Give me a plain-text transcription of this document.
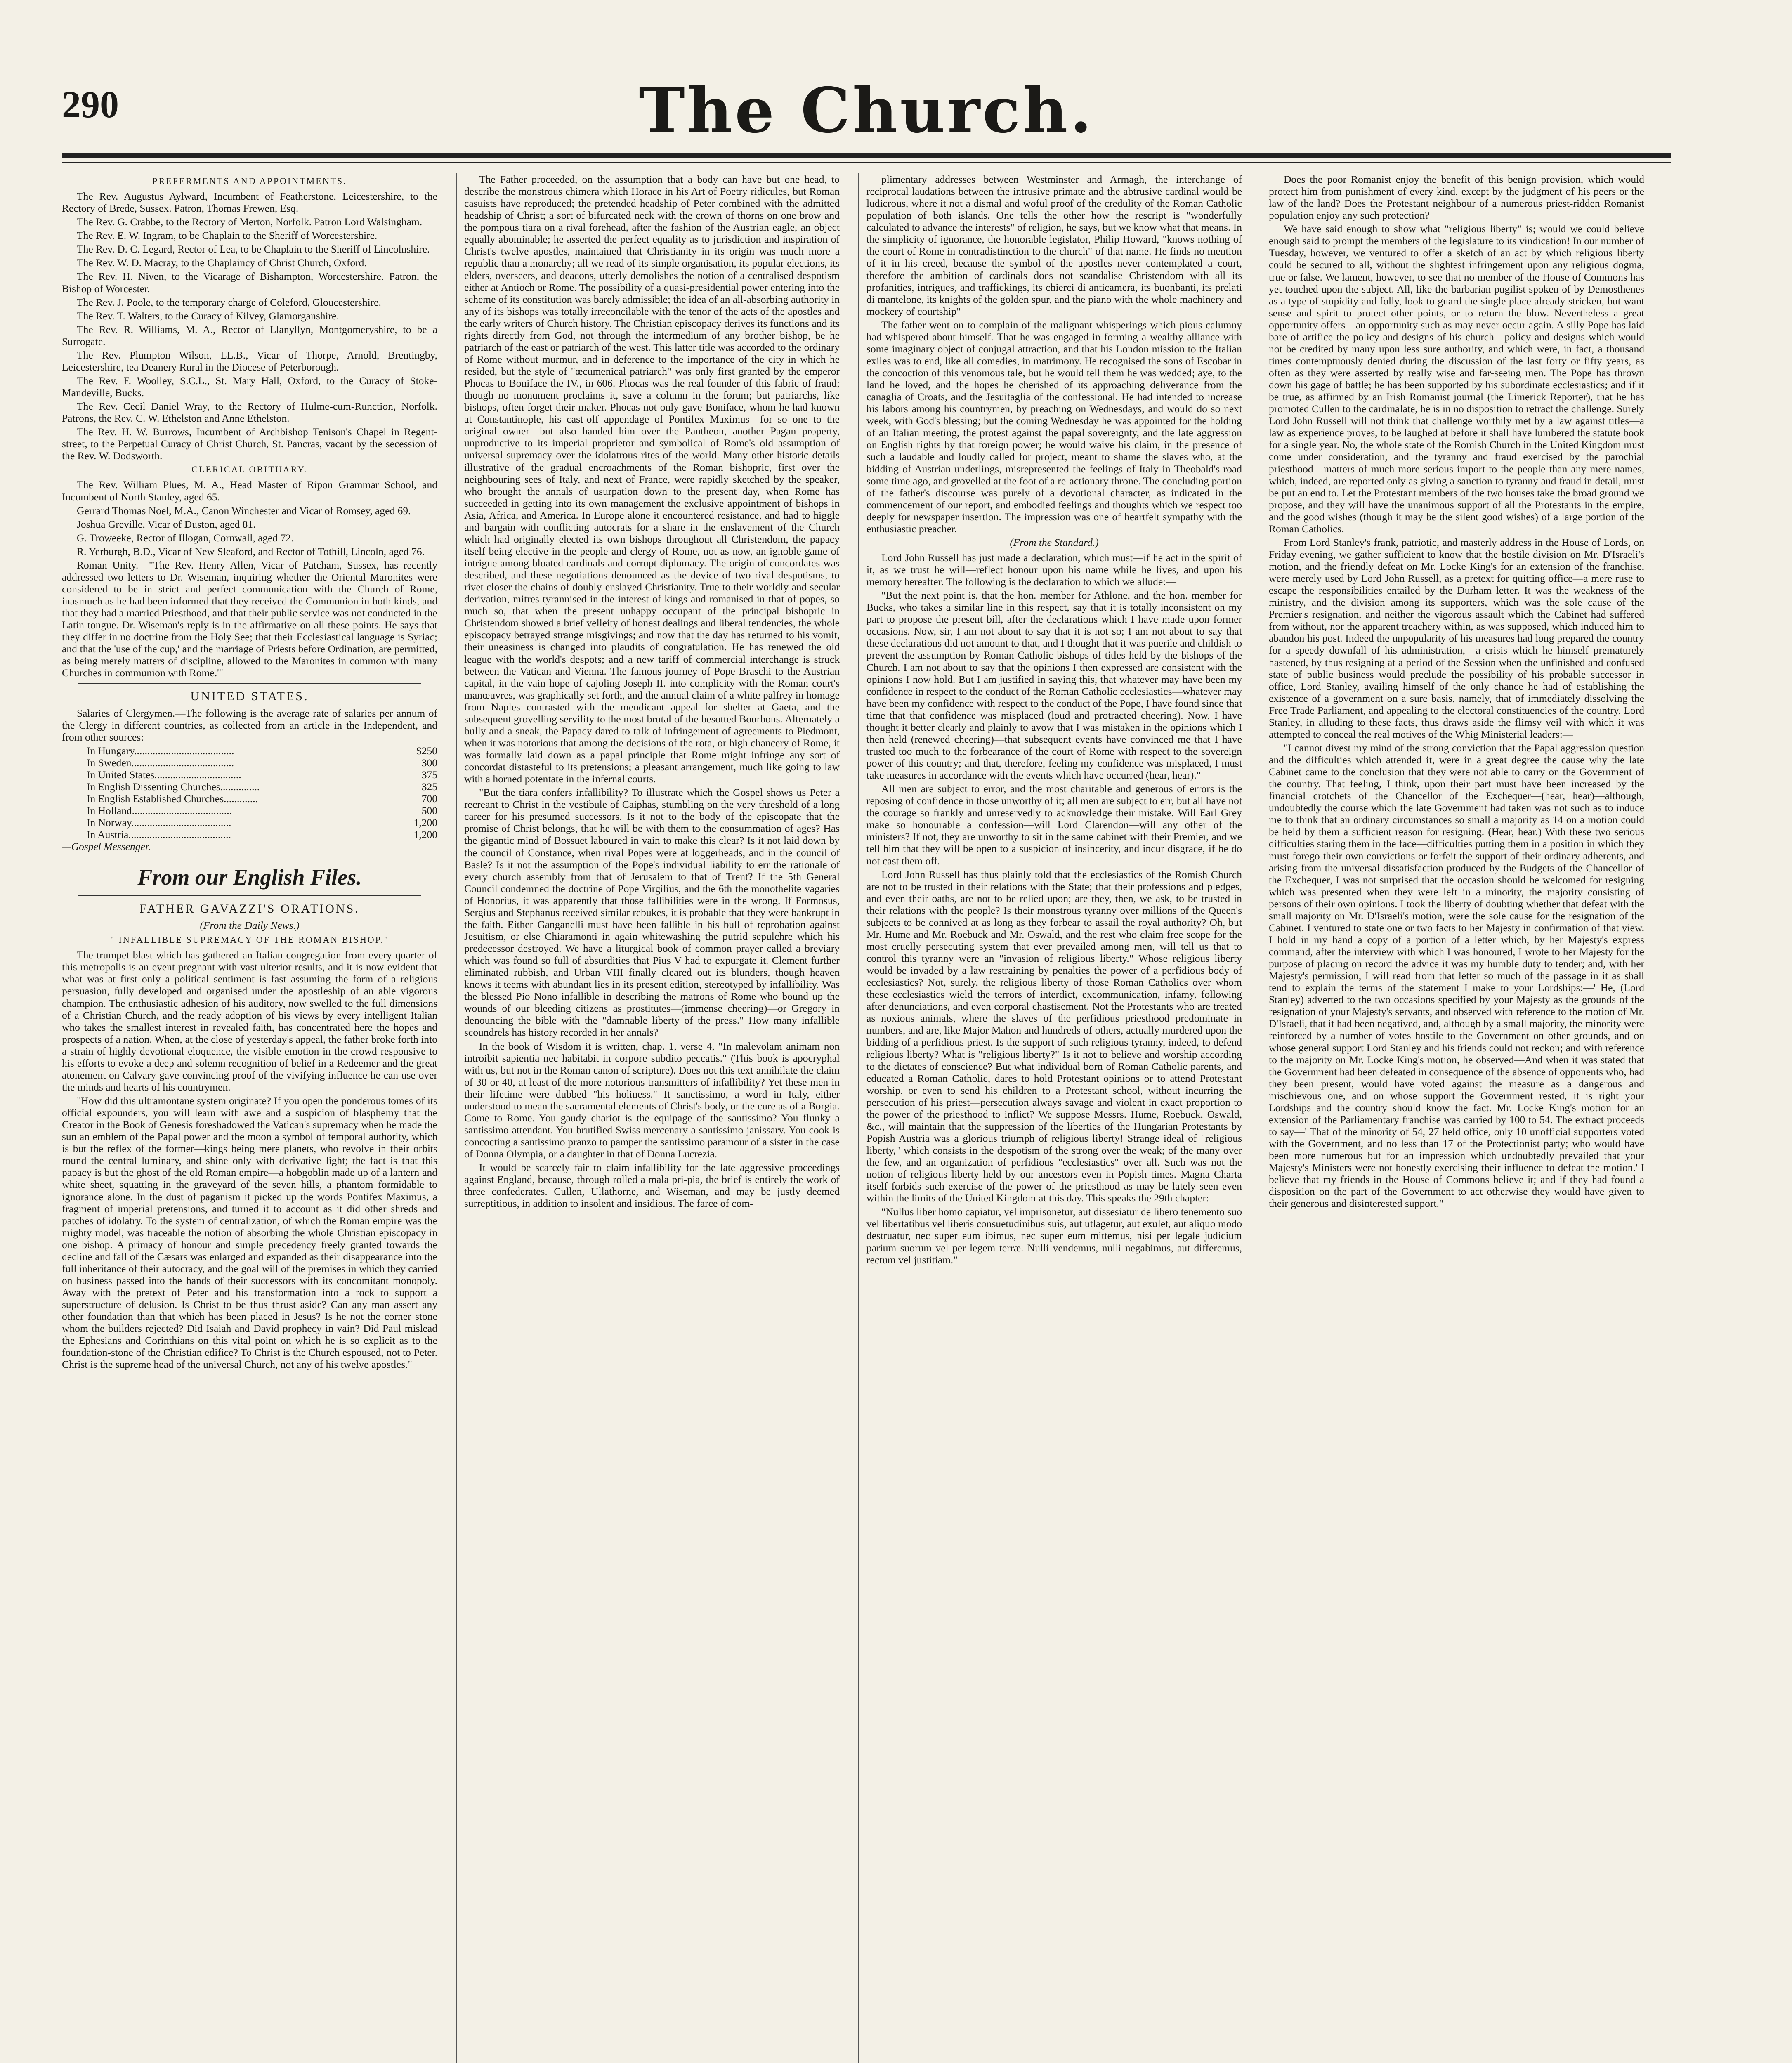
290	The Church.
PREFERMENTS AND APPOINTMENTS.

The Rev. Augustus Aylward, Incumbent of Featherstone, Leicestershire, to the Rectory of Brede, Sussex. Patron, Thomas Frewen, Esq.

The Rev. G. Crabbe, to the Rectory of Merton, Norfolk. Patron Lord Walsingham.

The Rev. E. W. Ingram, to be Chaplain to the Sheriff of Worcestershire.

The Rev. D. C. Legard, Rector of Lea, to be Chaplain to the Sheriff of Lincolnshire.

The Rev. W. D. Macray, to the Chaplaincy of Christ Church, Oxford.

The Rev. H. Niven, to the Vicarage of Bishampton, Worcestershire. Patron, the Bishop of Worcester.

The Rev. J. Poole, to the temporary charge of Coleford, Gloucestershire.

The Rev. T. Walters, to the Curacy of Kilvey, Glamorganshire.

The Rev. R. Williams, M. A., Rector of Llanyllyn, Montgomeryshire, to be a Surrogate.

The Rev. Plumpton Wilson, LL.B., Vicar of Thorpe, Arnold, Brentingby, Leicestershire, tea Deanery Rural in the Diocese of Peterborough.

The Rev. F. Woolley, S.C.L., St. Mary Hall, Oxford, to the Curacy of Stoke-Mandeville, Bucks.

The Rev. Cecil Daniel Wray, to the Rectory of Hulme-cum-Runction, Norfolk. Patrons, the Rev. C. W. Ethelston and Anne Ethelston.

The Rev. H. W. Burrows, Incumbent of Archbishop Tenison's Chapel in Regent-street, to the Perpetual Curacy of Christ Church, St. Pancras, vacant by the secession of the Rev. W. Dodsworth.

CLERICAL OBITUARY.

The Rev. William Plues, M. A., Head Master of Ripon Grammar School, and Incumbent of North Stanley, aged 65.

Gerrard Thomas Noel, M.A., Canon Winchester and Vicar of Romsey, aged 69.

Joshua Greville, Vicar of Duston, aged 81.

G. Troweeke, Rector of Illogan, Cornwall, aged 72.

R. Yerburgh, B.D., Vicar of New Sleaford, and Rector of Tothill, Lincoln, aged 76.

Roman Unity.—"The Rev. Henry Allen, Vicar of Patcham, Sussex, has recently addressed two letters to Dr. Wiseman, inquiring whether the Oriental Maronites were considered to be in strict and perfect communication with the Church of Rome, inasmuch as he had been informed that they received the Communion in both kinds, and that they had a married Priesthood, and that their public service was not conducted in the Latin tongue. Dr. Wiseman's reply is in the affirmative on all these points. He says that they differ in no doctrine from the Holy See; that their Ecclesiastical language is Syriac; and that the 'use of the cup,' and the marriage of Priests before Ordination, are permitted, as being merely matters of discipline, allowed to the Maronites in common with 'many Churches in communion with Rome.'"

UNITED STATES.

Salaries of Clergymen.—The following is the average rate of salaries per annum of the Clergy in different countries, as collected from an article in the Independent, and from other sources:

In Hungary......................................	$250
In Sweden.......................................	300
In United States.................................	375
In English Dissenting Churches...............	325
In English Established Churches.............	700
In Holland......................................	500
In Norway......................................	1,200
In Austria.......................................	1,200

—Gospel Messenger.

From our English Files.
FATHER GAVAZZI'S ORATIONS.
(From the Daily News.)
" INFALLIBLE SUPREMACY OF THE ROMAN BISHOP."

The trumpet blast which has gathered an Italian congregation from every quarter of this metropolis is an event pregnant with vast ulterior results, and it is now evident that what was at first only a political sentiment is fast assuming the form of a religious persuasion, fully developed and organised under the apostleship of an able vigorous champion. The enthusiastic adhesion of his auditory, now swelled to the full dimensions of a Christian Church, and the ready adoption of his views by every intelligent Italian who takes the smallest interest in revealed faith, has concentrated here the hopes and prospects of a nation. When, at the close of yesterday's appeal, the father broke forth into a strain of highly devotional eloquence, the visible emotion in the crowd responsive to his efforts to evoke a deep and solemn recognition of belief in a Redeemer and the great atonement on Calvary gave convincing proof of the vivifying influence he can use over the minds and hearts of his countrymen.

"How did this ultramontane system originate? If you open the ponderous tomes of its official expounders, you will learn with awe and a suspicion of blasphemy that the Creator in the Book of Genesis foreshadowed the Vatican's supremacy when he made the sun an emblem of the Papal power and the moon a symbol of temporal authority, which is but the reflex of the former—kings being mere planets, who revolve in their orbits round the central luminary, and shine only with derivative light; the fact is that this papacy is but the ghost of the old Roman empire—a hobgoblin made up of a lantern and white sheet, squatting in the graveyard of the seven hills, a phantom formidable to ignorance alone. In the dust of paganism it picked up the words Pontifex Maximus, a fragment of imperial pretensions, and turned it to account as it did other shreds and patches of idolatry. To the system of centralization, of which the Roman empire was the mighty model, was traceable the notion of absorbing the whole Christian episcopacy in one bishop. A primacy of honour and simple precedency freely granted towards the decline and fall of the Cæsars was enlarged and expanded as their disappearance into the full inheritance of their autocracy, and the goal will of the premises in which they carried on business passed into the hands of their successors with its concomitant monopoly. Away with the pretext of Peter and his transformation into a rock to support a superstructure of delusion. Is Christ to be thus thrust aside? Can any man assert any other foundation than that which has been placed in Jesus? Is he not the corner stone whom the builders rejected? Did Isaiah and David prophecy in vain? Did Paul mislead the Ephesians and Corinthians on this vital point on which he is so explicit as to the foundation-stone of the Christian edifice? To Christ is the Church espoused, not to Peter. Christ is the supreme head of the universal Church, not any of his twelve apostles."

The Father proceeded, on the assumption that a body can have but one head, to describe the monstrous chimera which Horace in his Art of Poetry ridicules, but Roman casuists have reproduced; the pretended headship of Peter combined with the admitted headship of Christ; a sort of bifurcated neck with the crown of thorns on one brow and the pompous tiara on a rival forehead, after the fashion of the Austrian eagle, an object equally abominable; he asserted the perfect equality as to jurisdiction and inspiration of Christ's twelve apostles, maintained that Christianity in its origin was much more a republic than a monarchy; all we read of its simple organisation, its popular elections, its elders, overseers, and deacons, utterly demolishes the notion of a centralised despotism either at Antioch or Rome. The possibility of a quasi-presidential power entering into the scheme of its constitution was barely admissible; the idea of an all-absorbing authority in any of its bishops was totally irreconcilable with the tenor of the acts of the apostles and the early writers of Church history. The Christian episcopacy derives its functions and its rights directly from God, not through the intermedium of any brother bishop, be he patriarch of the east or patriarch of the west. This latter title was accorded to the ordinary of Rome without murmur, and in deference to the importance of the city in which he resided, but the style of "œcumenical patriarch" was only first granted by the emperor Phocas to Boniface the IV., in 606. Phocas was the real founder of this fabric of fraud; though no monument proclaims it, save a column in the forum; but patriarchs, like bishops, often forget their maker. Phocas not only gave Boniface, whom he had known at Constantinople, his cast-off appendage of Pontifex Maximus—for so one to the original owner—but also handed him over the Pantheon, another Pagan property, unproductive to its imperial proprietor and symbolical of Rome's old assumption of universal supremacy over the idolatrous rites of the world. Many other historic details illustrative of the gradual encroachments of the Roman bishopric, first over the neighbouring sees of Italy, and next of France, were rapidly sketched by the speaker, who brought the annals of usurpation down to the present day, when Rome has succeeded in getting into its own management the exclusive appointment of bishops in Asia, Africa, and America. In Europe alone it encountered resistance, and had to higgle and bargain with conflicting autocrats for a share in the enslavement of the Church which had originally elected its own bishops throughout all Christendom, the papacy itself being elective in the people and clergy of Rome, not as now, an ignoble game of intrigue among bloated cardinals and corrupt diplomacy. The origin of concordates was described, and these negotiations denounced as the device of two rival despotisms, to rivet closer the chains of doubly-enslaved Christianity. True to their worldly and secular derivation, mitres tyrannised in the interest of kings and romanised in that of popes, so much so, that when the present unhappy occupant of the principal bishopric in Christendom showed a brief velleity of honest dealings and liberal tendencies, the whole episcopacy betrayed strange misgivings; and now that the day has returned to his vomit, their uneasiness is changed into plaudits of congratulation. He has renewed the old league with the world's despots; and a new tariff of commercial interchange is struck between the Vatican and Vienna. The famous journey of Pope Braschi to the Austrian capital, in the vain hope of cajoling Joseph II. into complicity with the Roman court's manœuvres, was graphically set forth, and the annual claim of a white palfrey in homage from Naples contrasted with the mendicant appeal for shelter at Gaeta, and the subsequent grovelling servility to the most brutal of the besotted Bourbons. Alternately a bully and a sneak, the Papacy dared to talk of infringement of agreements to Piedmont, when it was notorious that among the decisions of the rota, or high chancery of Rome, it was formally laid down as a papal principle that Rome might infringe any sort of concordat distasteful to its pretensions; a pleasant arrangement, much like going to law with a horned potentate in the infernal courts.

"But the tiara confers infallibility? To illustrate which the Gospel shows us Peter a recreant to Christ in the vestibule of Caiphas, stumbling on the very threshold of a long career for his presumed successors. Is it not to the body of the episcopate that the promise of Christ belongs, that he will be with them to the consummation of ages? Has the gigantic mind of Bossuet laboured in vain to make this clear? Is it not laid down by the council of Constance, when rival Popes were at loggerheads, and in the council of Basle? Is it not the assumption of the Pope's individual liability to err the rationale of every church assembly from that of Jerusalem to that of Trent? If the 5th General Council condemned the doctrine of Pope Virgilius, and the 6th the monothelite vagaries of Honorius, it was apparently that those fallibilities were in the wrong. If Formosus, Sergius and Stephanus received similar rebukes, it is probable that they were bankrupt in the faith. Either Ganganelli must have been fallible in his bull of reprobation against Jesuitism, or else Chiaramonti in again whitewashing the putrid sepulchre which his predecessor destroyed. We have a liturgical book of common prayer called a breviary which was found so full of absurdities that Pius V had to expurgate it. Clement further eliminated rubbish, and Urban VIII finally cleared out its blunders, though heaven knows it teems with abundant lies in its present edition, stereotyped by infallibility. Was the blessed Pio Nono infallible in describing the matrons of Rome who bound up the wounds of our bleeding citizens as prostitutes—(immense cheering)—or Gregory in denouncing the bible with the "damnable liberty of the press." How many infallible scoundrels has history recorded in her annals?

In the book of Wisdom it is written, chap. 1, verse 4, "In malevolam animam non introibit sapientia nec habitabit in corpore subdito peccatis." (This book is apocryphal with us, but not in the Roman canon of scripture). Does not this text annihilate the claim of 30 or 40, at least of the more notorious transmitters of infallibility? Yet these men in their lifetime were dubbed "his holiness." It sanctissimo, a word in Italy, either understood to mean the sacramental elements of Christ's body, or the cure as of a Borgia. Come to Rome. You gaudy chariot is the equipage of the santissimo? You flunky a santissimo attendant. You brutified Swiss mercenary a santissimo janissary. You cook is concocting a santissimo pranzo to pamper the santissimo paramour of a sister in the case of Donna Olympia, or a daughter in that of Donna Lucrezia.

It would be scarcely fair to claim infallibility for the late aggressive proceedings against England, because, through rolled a mala pri-pia, the brief is entirely the work of three confederates. Cullen, Ullathorne, and Wiseman, and may be justly deemed surreptitious, in addition to insolent and insidious. The farce of com-

plimentary addresses between Westminster and Armagh, the interchange of reciprocal laudations between the intrusive primate and the abtrusive cardinal would be ludicrous, where it not a dismal and woful proof of the credulity of the Roman Catholic population of both islands. One tells the other how the rescript is "wonderfully calculated to advance the interests" of religion, he says, but we know what that means. In the simplicity of ignorance, the honorable legislator, Philip Howard, "knows nothing of the court of Rome in contradistinction to the church" of that name. He finds no mention of it in his creed, because the symbol of the apostles never contemplated a court, therefore the ambition of cardinals does not scandalise Christendom with all its profanities, intrigues, and traffickings, its chierci di anticamera, its buonbanti, its prelati di mantelone, its knights of the golden spur, and the piano with the whole machinery and mockery of courtship"

The father went on to complain of the malignant whisperings which pious calumny had whispered about himself. That he was engaged in forming a wealthy alliance with some imaginary object of conjugal attraction, and that his London mission to the Italian exiles was to end, like all comedies, in matrimony. He recognised the sons of Escobar in the concoction of this venomous tale, but he would tell them he was wedded; aye, to the land he loved, and the hopes he cherished of its approaching deliverance from the canaglia of Croats, and the Jesuitaglia of the confessional. He had intended to increase his labors among his countrymen, by preaching on Wednesdays, and would do so next week, with God's blessing; but the coming Wednesday he was appointed for the holding of an Italian meeting, the protest against the papal sovereignty, and the late aggression on English rights by that foreign power; he would waive his claim, in the presence of such a laudable and loudly called for project, meant to shame the slaves who, at the bidding of Austrian underlings, misrepresented the feelings of Italy in Theobald's-road some time ago, and grovelled at the foot of a re-actionary throne. The concluding portion of the father's discourse was purely of a devotional character, as indicated in the commencement of our report, and embodied feelings and thoughts which we respect too deeply for newspaper insertion. The impression was one of heartfelt sympathy with the enthusiastic preacher.

(From the Standard.)

Lord John Russell has just made a declaration, which must—if he act in the spirit of it, as we trust he will—reflect honour upon his name while he lives, and upon his memory hereafter. The following is the declaration to which we allude:—

"But the next point is, that the hon. member for Athlone, and the hon. member for Bucks, who takes a similar line in this respect, say that it is totally inconsistent on my part to propose the present bill, after the declarations which I have made upon former occasions. Now, sir, I am not about to say that it is not so; I am not about to say that these declarations did not amount to that, and I thought that it was puerile and childish to prevent the assumption by Roman Catholic bishops of titles held by the bishops of the Church. I am not about to say that the opinions I then expressed are consistent with the opinions I now hold. But I am justified in saying this, that whatever may have been my confidence in respect to the conduct of the Roman Catholic ecclesiastics—whatever may have been my confidence with respect to the conduct of the Pope, I have found since that time that that confidence was misplaced (loud and protracted cheering). Now, I have thought it better clearly and plainly to avow that I was mistaken in the opinions which I then held (renewed cheering)—that subsequent events have convinced me that I have trusted too much to the forbearance of the court of Rome with respect to the sovereign power of this country; and that, therefore, feeling my confidence was misplaced, I must take measures in accordance with the events which have occurred (hear, hear)."

All men are subject to error, and the most charitable and generous of errors is the reposing of confidence in those unworthy of it; all men are subject to err, but all have not the courage so frankly and unreservedly to acknowledge their mistake. Will Earl Grey make so honourable a confession—will Lord Clarendon—will any other of the ministers? If not, they are unworthy to sit in the same cabinet with their Premier, and we tell him that they will be open to a suspicion of insincerity, and incur disgrace, if he do not cast them off.

Lord John Russell has thus plainly told that the ecclesiastics of the Romish Church are not to be trusted in their relations with the State; that their professions and pledges, and even their oaths, are not to be relied upon; are they, then, we ask, to be trusted in their relations with the people? Is their monstrous tyranny over millions of the Queen's subjects to be connived at as long as they forbear to assail the royal authority? Oh, but Mr. Hume and Mr. Roebuck and Mr. Oswald, and the rest who claim free scope for the most cruelly persecuting system that ever prevailed among men, will tell us that to control this tyranny were an "invasion of religious liberty." Whose religious liberty would be invaded by a law restraining by penalties the power of a perfidious body of ecclesiastics? Not, surely, the religious liberty of those Roman Catholics over whom these ecclesiastics wield the terrors of interdict, excommunication, infamy, following after denunciations, and even corporal chastisement. Not the Protestants who are treated as noxious animals, where the slaves of the perfidious priesthood predominate in numbers, and are, like Major Mahon and hundreds of others, actually murdered upon the bidding of a perfidious priest. Is the support of such religious tyranny, indeed, to defend religious liberty? What is "religious liberty?" Is it not to believe and worship according to the dictates of conscience? But what individual born of Roman Catholic parents, and educated a Roman Catholic, dares to hold Protestant opinions or to attend Protestant worship, or even to send his children to a Protestant school, without incurring the persecution of his priest—persecution always savage and violent in exact proportion to the power of the priesthood to inflict? We suppose Messrs. Hume, Roebuck, Oswald, &c., will maintain that the suppression of the liberties of the Hungarian Protestants by Popish Austria was a glorious triumph of religious liberty! Strange ideal of "religious liberty," which consists in the despotism of the strong over the weak; of the many over the few, and an organization of perfidious "ecclesiastics" over all. Such was not the notion of religious liberty held by our ancestors even in Popish times. Magna Charta itself forbids such exercise of the power of the priesthood as may be lately seen even within the limits of the United Kingdom at this day. This speaks the 29th chapter:—

"Nullus liber homo capiatur, vel imprisonetur, aut dissesiatur de libero tenemento suo vel libertatibus vel liberis consuetudinibus suis, aut utlagetur, aut exulet, aut aliquo modo destruatur, nec super eum ibimus, nec super eum mittemus, nisi per legale judicium parium suorum vel per legem terræ. Nulli vendemus, nulli negabimus, aut differemus, rectum vel justitiam."

Does the poor Romanist enjoy the benefit of this benign provision, which would protect him from punishment of every kind, except by the judgment of his peers or the law of the land? Does the Protestant neighbour of a numerous priest-ridden Romanist population enjoy any such protection?

We have said enough to show what "religious liberty" is; would we could believe enough said to prompt the members of the legislature to its vindication! In our number of Tuesday, however, we ventured to offer a sketch of an act by which religious liberty could be secured to all, without the slightest infringement upon any religious dogma, true or false. We lament, however, to see that no member of the House of Commons has yet touched upon the subject. All, like the barbarian pugilist spoken of by Demosthenes as a type of stupidity and folly, look to guard the single place already stricken, but want sense and spirit to protect other points, or to return the blow. Nevertheless a great opportunity offers—an opportunity such as may never occur again. A silly Pope has laid bare of artifice the policy and designs of his church—policy and designs which would not be credited by many upon less sure authority, and which were, in fact, a thousand times contemptuously denied during the discussion of the last forty or fifty years, as often as they were asserted by really wise and far-seeing men. The Pope has thrown down his gage of battle; he has been supported by his subordinate ecclesiastics; and if it be true, as affirmed by an Irish Romanist journal (the Limerick Reporter), that he has promoted Cullen to the cardinalate, he is in no disposition to retract the challenge. Surely Lord John Russell will not think that challenge worthily met by a law against titles—a law as experience proves, to be laughed at before it shall have lumbered the statute book for a single year. No, the whole state of the Romish Church in the United Kingdom must come under consideration, and the tyranny and fraud exercised by the parochial priesthood—matters of much more serious import to the people than any mere names, which, indeed, are reported only as giving a sanction to tyranny and fraud in detail, must be put an end to. Let the Protestant members of the two houses take the broad ground we propose, and they will have the unanimous support of all the Protestants in the empire, and the good wishes (though it may be the silent good wishes) of a large portion of the Roman Catholics.

From Lord Stanley's frank, patriotic, and masterly address in the House of Lords, on Friday evening, we gather sufficient to know that the hostile division on Mr. D'Israeli's motion, and the friendly defeat on Mr. Locke King's for an extension of the franchise, were merely used by Lord John Russell, as a pretext for quitting office—a mere ruse to escape the responsibilities entailed by the Durham letter. It was the weakness of the ministry, and the division among its supporters, which was the sole cause of the Premier's resignation, and neither the vigorous assault which the Cabinet had suffered from without, nor the apparent treachery within, as was supposed, which induced him to abandon his post. Indeed the unpopularity of his measures had long prepared the country for a speedy downfall of his administration,—a crisis which he himself prematurely hastened, by thus resigning at a period of the Session when the unfinished and confused state of public business would preclude the possibility of his probable successor in office, Lord Stanley, availing himself of the only chance he had of establishing the existence of a government on a sure basis, namely, that of immediately dissolving the Free Trade Parliament, and appealing to the electoral constituencies of the country. Lord Stanley, in alluding to these facts, thus draws aside the flimsy veil with which it was attempted to conceal the real motives of the Whig Ministerial leaders:—

"I cannot divest my mind of the strong conviction that the Papal aggression question and the difficulties which attended it, were in a great degree the cause why the late Cabinet came to the conclusion that they were not able to carry on the Government of the country. That feeling, I think, upon their part must have been increased by the financial crotchets of the Chancellor of the Exchequer—(hear, hear)—although, undoubtedly the course which the late Government had taken was not such as to induce me to think that an ordinary circumstances so small a majority as 14 on a motion could be held by them a sufficient reason for resigning. (Hear, hear.) With these two serious difficulties staring them in the face—difficulties putting them in a position in which they must forego their own convictions or forfeit the support of their ordinary adherents, and arising from the universal dissatisfaction produced by the Budgets of the Chancellor of the Exchequer, I was not surprised that the occasion should be welcomed for resigning which was presented when they were left in a minority, the majority consisting of persons of their own opinions. I took the liberty of doubting whether that defeat with the small majority on Mr. D'Israeli's motion, were the sole cause for the resignation of the Cabinet. I ventured to state one or two facts to her Majesty in confirmation of that view. I hold in my hand a copy of a portion of a letter which, by her Majesty's express command, after the interview with which I was honoured, I wrote to her Majesty for the purpose of placing on record the advice it was my humble duty to tender; and, with her Majesty's permission, I will read from that letter so much of the passage in it as shall tend to explain the terms of the statement I make to your Lordships:—' He, (Lord Stanley) adverted to the two occasions specified by your Majesty as the grounds of the resignation of your Majesty's servants, and observed with reference to the motion of Mr. D'Israeli, that it had been negatived, and, although by a small majority, the minority were reinforced by a number of votes hostile to the Government on other grounds, and on whose general support Lord Stanley and his friends could not reckon; and with reference to the majority on Mr. Locke King's motion, he observed—And when it was stated that the Government had been defeated in consequence of the absence of opponents who, had they been present, would have voted against the measure as a dangerous and mischievous one, and on whose support the Government rested, it is right your Lordships and the country should know the fact. Mr. Locke King's motion for an extension of the Parliamentary franchise was carried by 100 to 54. The extract proceeds to say—' That of the minority of 54, 27 held office, only 10 unofficial supporters voted with the Government, and no less than 17 of the Protectionist party; who would have been more numerous but for an impression which undoubtedly prevailed that your Majesty's Ministers were not honestly exercising their influence to defeat the motion.' I believe that my friends in the House of Commons believe it; and if they had found a disposition on the part of the Government to act otherwise they would have given to their generous and disinterested support."
